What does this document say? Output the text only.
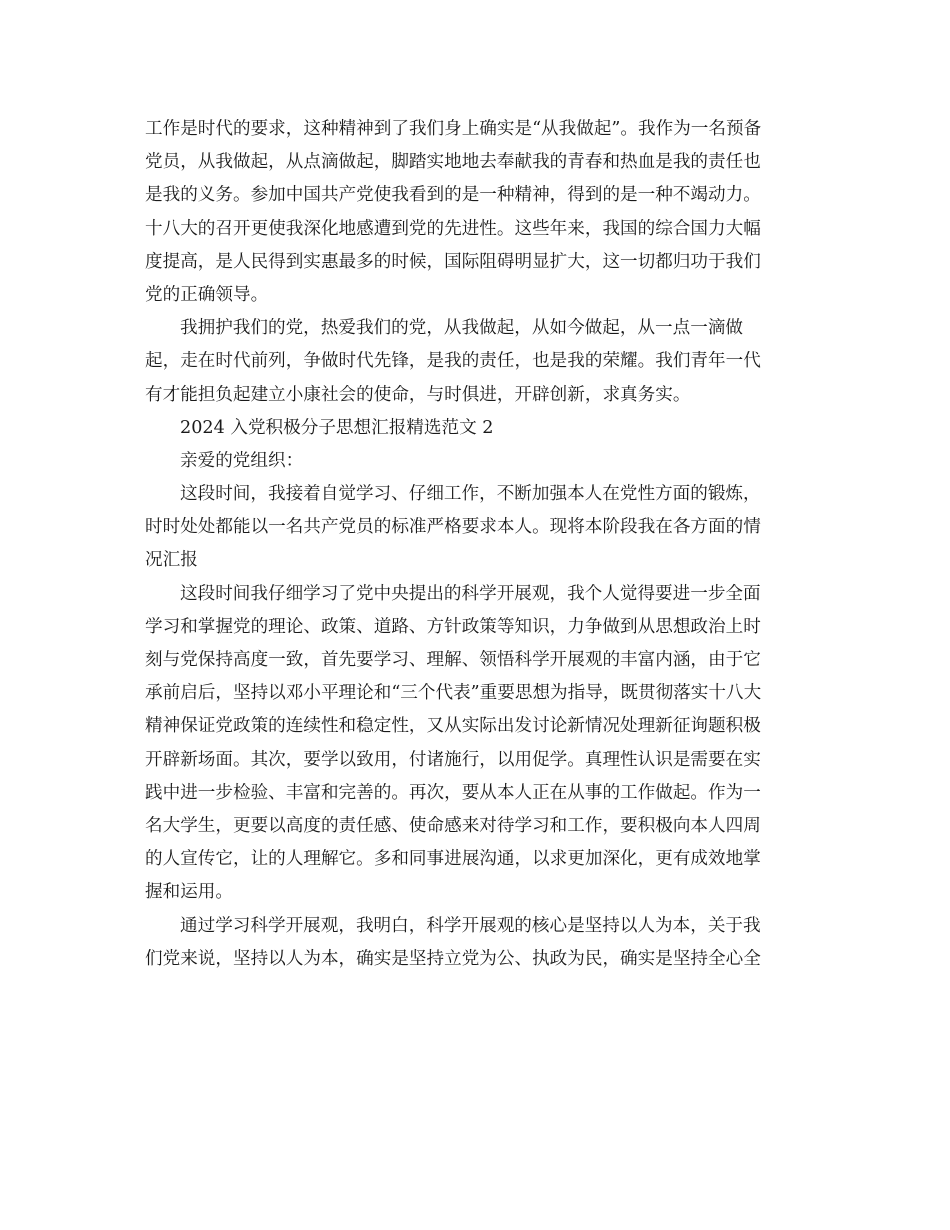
工作是时代的要求，这种精神到了我们身上确实是“从我做起”。我作为一名预备
党员，从我做起，从点滴做起，脚踏实地地去奉献我的青春和热血是我的责任也
是我的义务。参加中国共产党使我看到的是一种精神，得到的是一种不竭动力。
十八大的召开更使我深化地感遭到党的先进性。这些年来，我国的综合国力大幅
度提高，是人民得到实惠最多的时候，国际阻碍明显扩大，这一切都归功于我们
党的正确领导。
我拥护我们的党，热爱我们的党，从我做起，从如今做起，从一点一滴做
起，走在时代前列，争做时代先锋，是我的责任，也是我的荣耀。我们青年一代
有才能担负起建立小康社会的使命，与时俱进，开辟创新，求真务实。
2024 入党积极分子思想汇报精选范文 2
亲爱的党组织：
这段时间，我接着自觉学习、仔细工作，不断加强本人在党性方面的锻炼，
时时处处都能以一名共产党员的标准严格要求本人。现将本阶段我在各方面的情
况汇报
这段时间我仔细学习了党中央提出的科学开展观，我个人觉得要进一步全面
学习和掌握党的理论、政策、道路、方针政策等知识，力争做到从思想政治上时
刻与党保持高度一致，首先要学习、理解、领悟科学开展观的丰富内涵，由于它
承前启后，坚持以邓小平理论和“三个代表”重要思想为指导，既贯彻落实十八大
精神保证党政策的连续性和稳定性，又从实际出发讨论新情况处理新征询题积极
开辟新场面。其次，要学以致用，付诸施行，以用促学。真理性认识是需要在实
践中进一步检验、丰富和完善的。再次，要从本人正在从事的工作做起。作为一
名大学生，更要以高度的责任感、使命感来对待学习和工作，要积极向本人四周
的人宣传它，让的人理解它。多和同事进展沟通，以求更加深化，更有成效地掌
握和运用。
通过学习科学开展观，我明白，科学开展观的核心是坚持以人为本，关于我
们党来说，坚持以人为本，确实是坚持立党为公、执政为民，确实是坚持全心全
